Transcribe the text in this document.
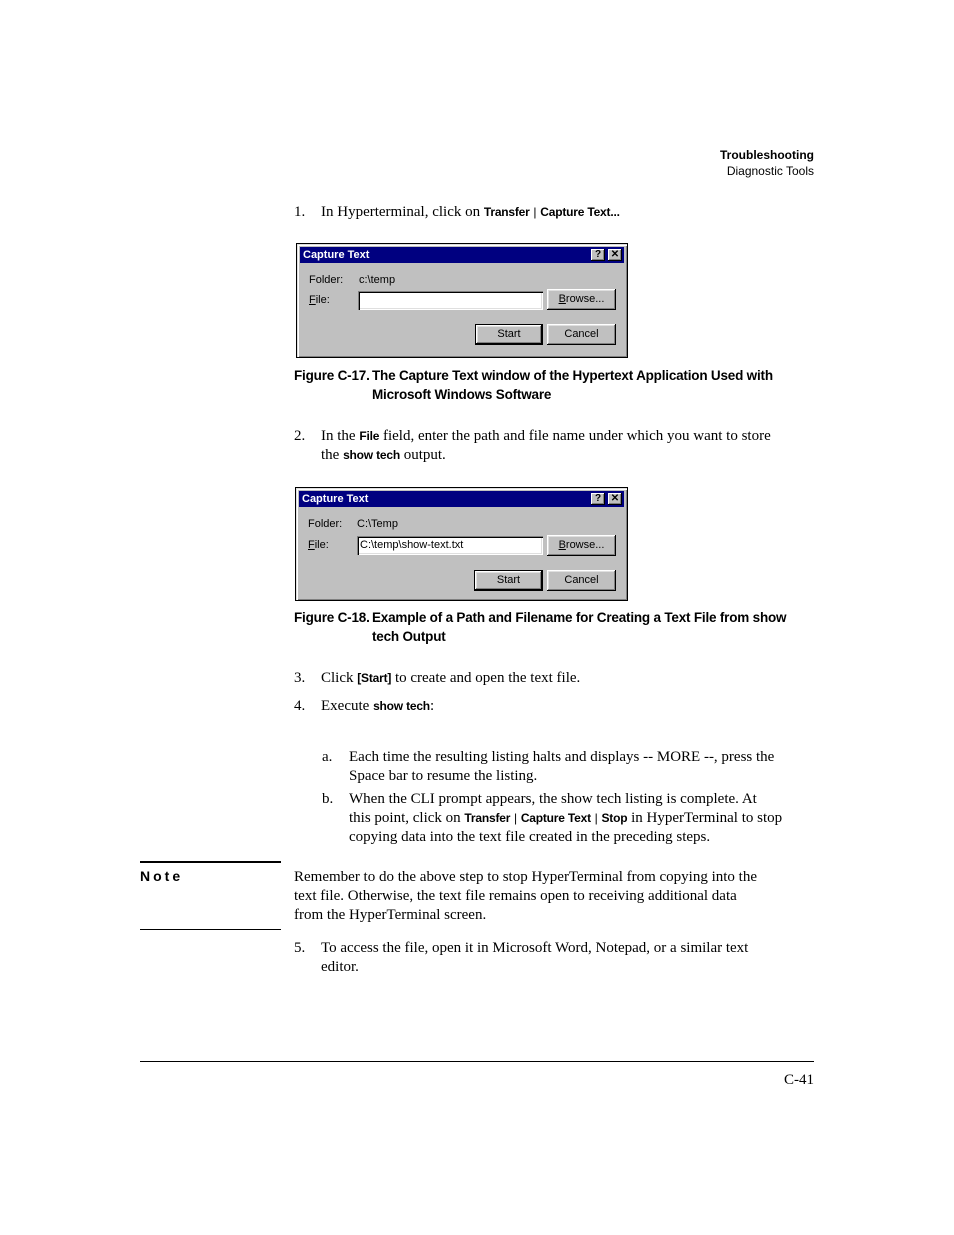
Troubleshooting
Diagnostic Tools
1.	In Hyperterminal, click on Transfer | Capture Text...
Capture Text	? ✕
Folder: c:\temp
File:	Browse...
Start	Cancel
Figure C-17. The Capture Text window of the Hypertext Application Used with
Microsoft Windows Software
2.	In the File field, enter the path and file name under which you want to store
the show tech output.
Capture Text	? ✕
Folder: C:\Temp
File:	C:\temp\show-text.txt	Browse...
Start	Cancel
Figure C-18. Example of a Path and Filename for Creating a Text File from show
tech Output
3.	Click [Start] to create and open the text file.
4.	Execute show tech:
a. Each time the resulting listing halts and displays -- MORE --, press the
Space bar to resume the listing.
b. When the CLI prompt appears, the show tech listing is complete. At
this point, click on Transfer | Capture Text | Stop in HyperTerminal to stop
copying data into the text file created in the preceding steps.
Note	Remember to do the above step to stop HyperTerminal from copying into the
text file. Otherwise, the text file remains open to receiving additional data
from the HyperTerminal screen.
5.	To access the file, open it in Microsoft Word, Notepad, or a similar text
editor.
C-41
